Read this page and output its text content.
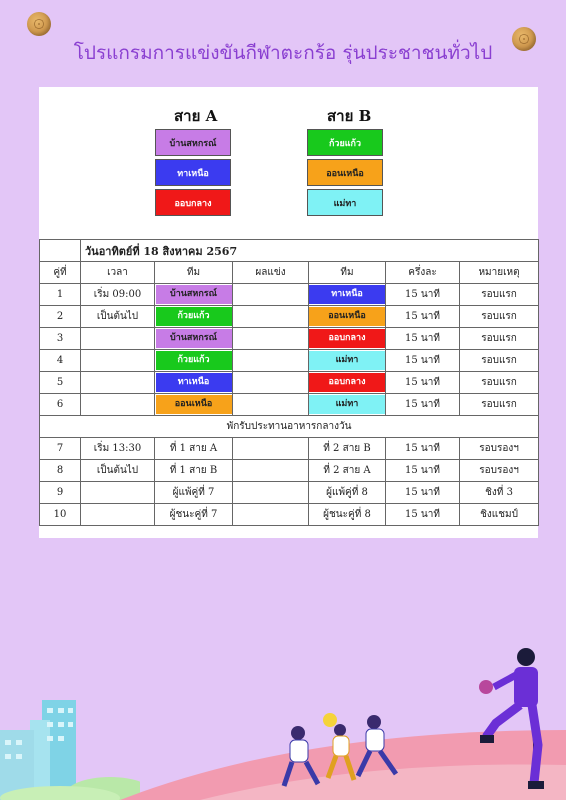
โปรแกรมการแข่งขันกีฬาตะกร้อ รุ่นประชาชนทั่วไป
สาย A	สาย B
บ้านสหกรณ์
ทาเหนือ
ออบกลาง
ก้วยแก้ว
ออนเหนือ
แม่ทา
	วันอาทิตย์ที่ 18 สิงหาคม 2567					
คู่ที่	เวลา	ทีม	ผลแข่ง	ทีม	ครึ่งละ	หมายเหตุ
1	เริ่ม 09:00	บ้านสหกรณ์		ทาเหนือ	15 นาที	รอบแรก
2	เป็นต้นไป	ก้วยแก้ว		ออนเหนือ	15 นาที	รอบแรก
3		บ้านสหกรณ์		ออบกลาง	15 นาที	รอบแรก
4		ก้วยแก้ว		แม่ทา	15 นาที	รอบแรก
5		ทาเหนือ		ออบกลาง	15 นาที	รอบแรก
6		ออนเหนือ		แม่ทา	15 นาที	รอบแรก
พักรับประทานอาหารกลางวัน						
7	เริ่ม 13:30	ที่ 1 สาย A		ที่ 2 สาย B	15 นาที	รอบรองฯ
8	เป็นต้นไป	ที่ 1 สาย B		ที่ 2 สาย A	15 นาที	รอบรองฯ
9		ผู้แพ้คู่ที่ 7		ผู้แพ้คู่ที่ 8	15 นาที	ชิงที่ 3
10		ผู้ชนะคู่ที่ 7		ผู้ชนะคู่ที่ 8	15 นาที	ชิงแชมป์
